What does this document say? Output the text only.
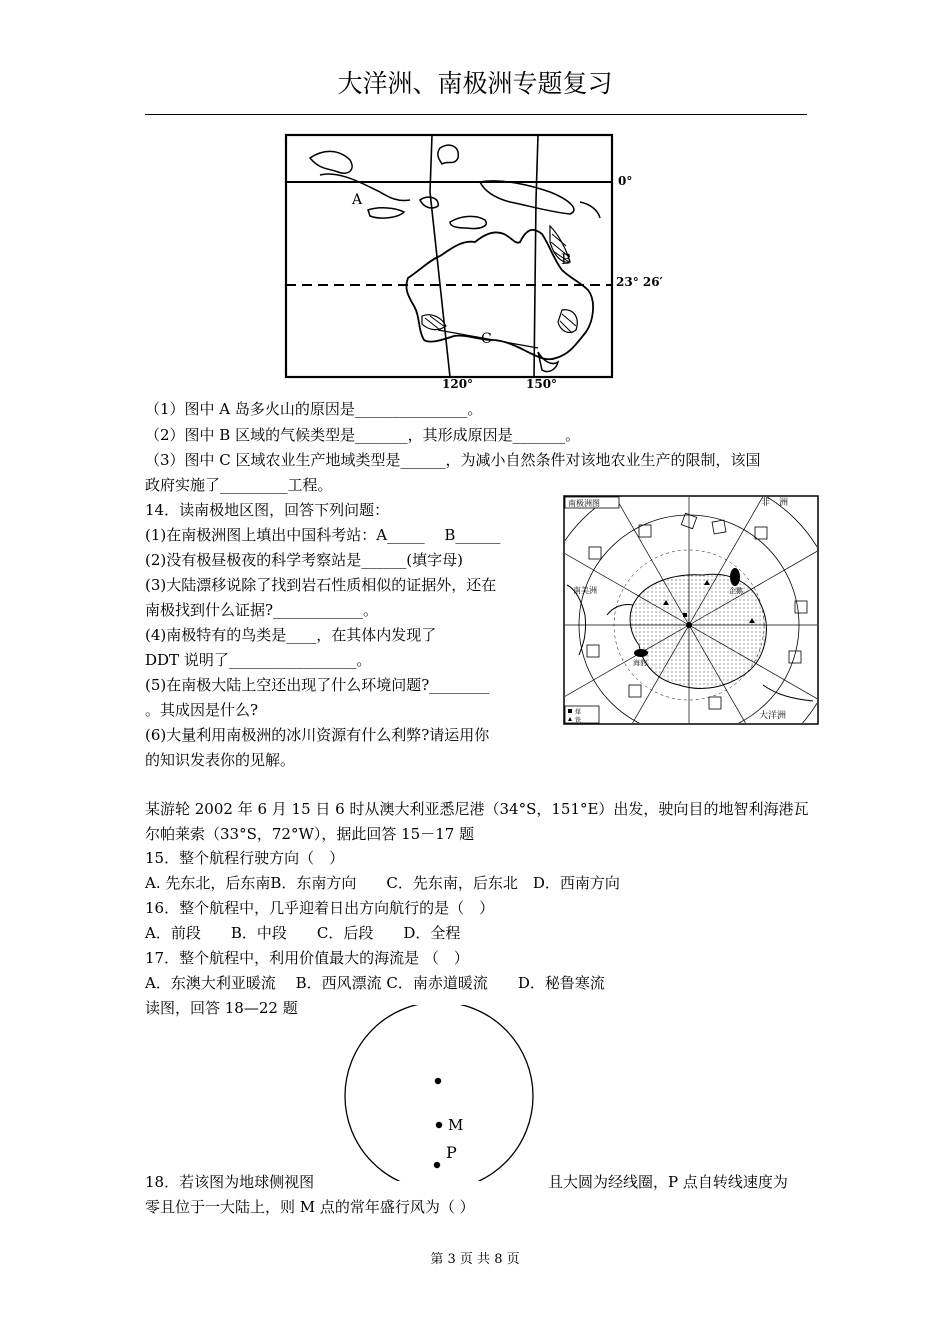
大洋洲、南极洲专题复习
A
B
C
0°
23° 26′
120°	150°
（1）图中 A 岛多火山的原因是_______________。
（2）图中 B 区域的气候类型是_______，其形成原因是_______。
（3）图中 C 区域农业生产地域类型是______，为减小自然条件对该地农业生产的限制，该国
政府实施了_________工程。
14．读南极地区图，回答下列问题：
(1)在南极洲图上填出中国科考站：A_____　 B______
(2)没有极昼极夜的科学考察站是______(填字母)
(3)大陆漂移说除了找到岩石性质相似的证据外，还在
南极找到什么证据?____________。
(4)南极特有的鸟类是____，在其体内发现了
DDT 说明了_________________。
(5)在南极大陆上空还出现了什么环境问题?________
。其成因是什么?
(6)大量利用南极洲的冰川资源有什么利弊?请运用你
的知识发表你的见解。
南极洲图	非　洲
南美洲
大洋洲
企鹅
海豹
煤
铁
某游轮 2002 年 6 月 15 日 6 时从澳大利亚悉尼港（34°S，151°E）出发，驶向目的地智利海港瓦
尔帕莱索（33°S，72°W），据此回答 15－17 题
15．整个航程行驶方向（　）
A. 先东北，后东南B．东南方向　　C．先东南，后东北　D．西南方向
16．整个航程中，几乎迎着日出方向航行的是（　）
A．前段　　B．中段　　C．后段　　D．全程
17．整个航程中，利用价值最大的海流是 （　）
A．东澳大利亚暖流　 B．西风漂流 C．南赤道暖流　　D．秘鲁寒流
读图，回答 18—22 题
M
P
18．若该图为地球侧视图	且大圆为经线圈，P 点自转线速度为
零且位于一大陆上，则 M 点的常年盛行风为（ ）
第 3 页 共 8 页
